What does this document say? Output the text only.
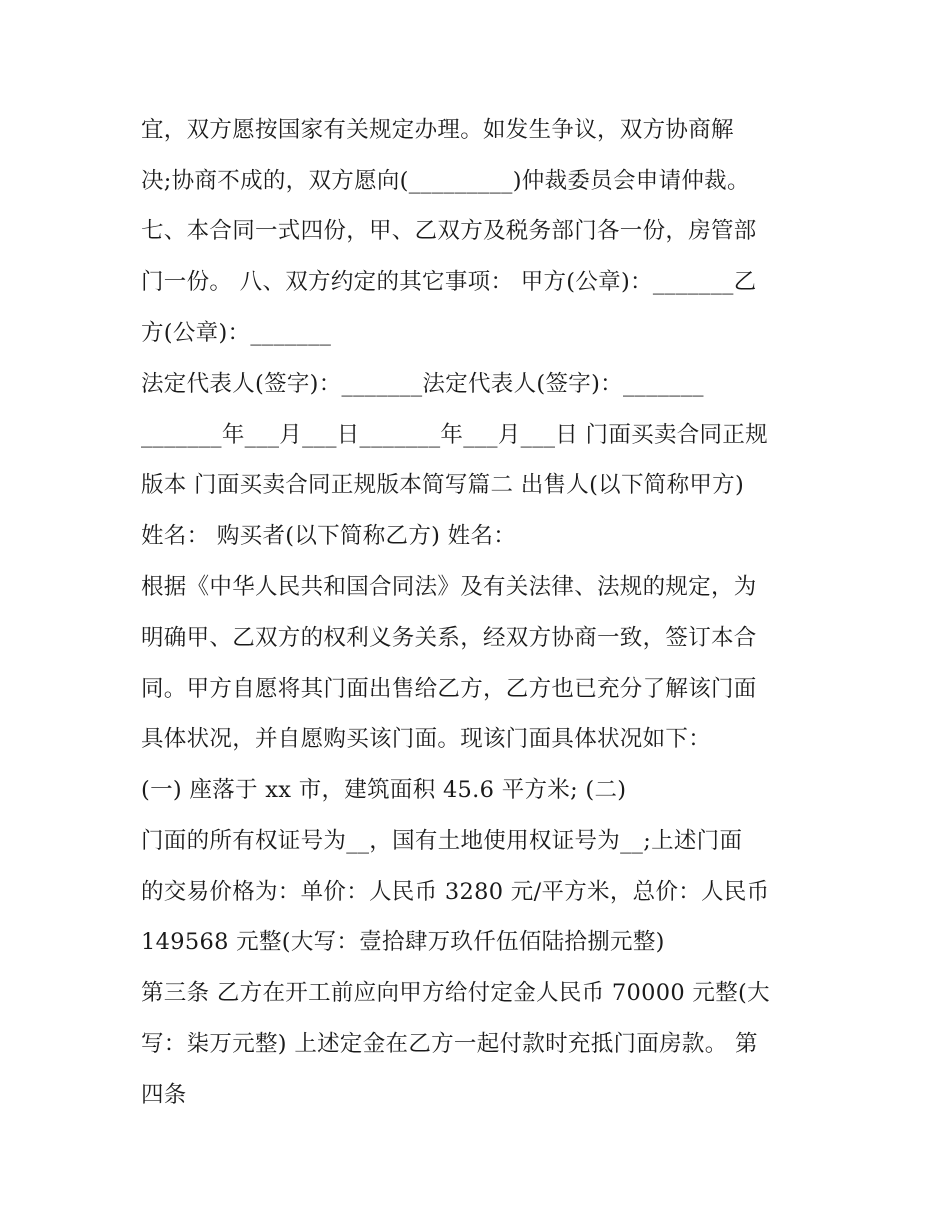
宜，双方愿按国家有关规定办理。如发生争议，双方协商解
决;协商不成的，双方愿向(_________)仲裁委员会申请仲裁。
七、本合同一式四份，甲、乙双方及税务部门各一份，房管部
门一份。 八、双方约定的其它事项： 甲方(公章)：_______乙
方(公章)：_______
法定代表人(签字)：_______法定代表人(签字)：_______
_______年___月___日_______年___月___日 门面买卖合同正规
版本 门面买卖合同正规版本简写篇二 出售人(以下简称甲方)
姓名： 购买者(以下简称乙方) 姓名：
根据《中华人民共和国合同法》及有关法律、法规的规定，为
明确甲、乙双方的权利义务关系，经双方协商一致，签订本合
同。甲方自愿将其门面出售给乙方，乙方也已充分了解该门面
具体状况，并自愿购买该门面。现该门面具体状况如下：
(一) 座落于 xx 市，建筑面积 45.6 平方米; (二)
门面的所有权证号为__，国有土地使用权证号为__;上述门面
的交易价格为：单价：人民币 3280 元/平方米，总价：人民币
149568 元整(大写：壹拾肆万玖仟伍佰陆拾捌元整)
第三条 乙方在开工前应向甲方给付定金人民币 70000 元整(大
写：柒万元整) 上述定金在乙方一起付款时充抵门面房款。 第
四条
